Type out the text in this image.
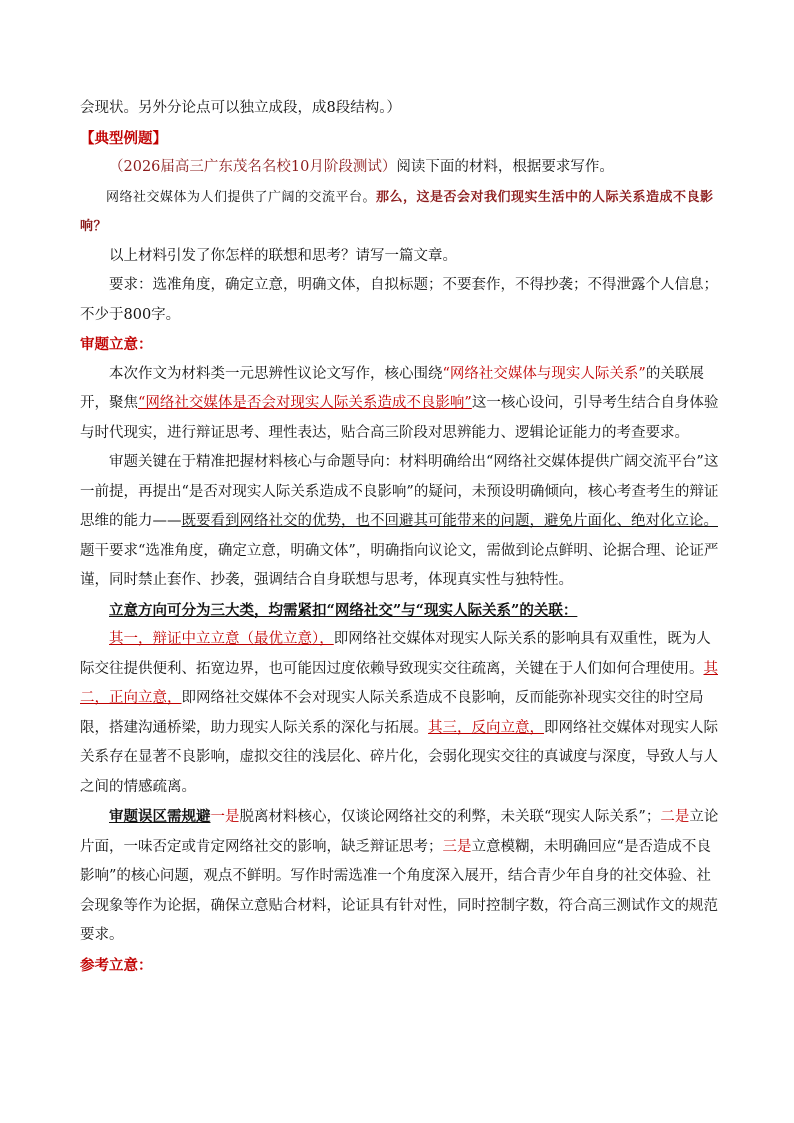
会现状。另外分论点可以独立成段，成8段结构。）

【典型例题】

（2026届高三广东茂名名校10月阶段测试）阅读下面的材料，根据要求写作。

网络社交媒体为人们提供了广阔的交流平台。那么，这是否会对我们现实生活中的人际关系造成不良影响？

以上材料引发了你怎样的联想和思考？请写一篇文章。

要求：选准角度，确定立意，明确文体，自拟标题；不要套作，不得抄袭；不得泄露个人信息；不少于800字。

审题立意：

本次作文为材料类一元思辨性议论文写作，核心围绕“网络社交媒体与现实人际关系”的关联展开，聚焦“网络社交媒体是否会对现实人际关系造成不良影响”这一核心设问，引导考生结合自身体验与时代现实，进行辩证思考、理性表达，贴合高三阶段对思辨能力、逻辑论证能力的考查要求。

审题关键在于精准把握材料核心与命题导向：材料明确给出“网络社交媒体提供广阔交流平台”这一前提，再提出“是否对现实人际关系造成不良影响”的疑问，未预设明确倾向，核心考查考生的辩证思维的能力——既要看到网络社交的优势，也不回避其可能带来的问题，避免片面化、绝对化立论。题干要求“选准角度，确定立意，明确文体”，明确指向议论文，需做到论点鲜明、论据合理、论证严谨，同时禁止套作、抄袭，强调结合自身联想与思考，体现真实性与独特性。

立意方向可分为三大类，均需紧扣“网络社交”与“现实人际关系”的关联：

其一，辩证中立立意（最优立意），即网络社交媒体对现实人际关系的影响具有双重性，既为人际交往提供便利、拓宽边界，也可能因过度依赖导致现实交往疏离，关键在于人们如何合理使用。其二，正向立意，即网络社交媒体不会对现实人际关系造成不良影响，反而能弥补现实交往的时空局限，搭建沟通桥梁，助力现实人际关系的深化与拓展。其三，反向立意，即网络社交媒体对现实人际关系存在显著不良影响，虚拟交往的浅层化、碎片化，会弱化现实交往的真诚度与深度，导致人与人之间的情感疏离。

审题误区需规避一是脱离材料核心，仅谈论网络社交的利弊，未关联“现实人际关系”；二是立论片面，一味否定或肯定网络社交的影响，缺乏辩证思考；三是立意模糊，未明确回应“是否造成不良影响”的核心问题，观点不鲜明。写作时需选准一个角度深入展开，结合青少年自身的社交体验、社会现象等作为论据，确保立意贴合材料，论证具有针对性，同时控制字数，符合高三测试作文的规范要求。

参考立意：
